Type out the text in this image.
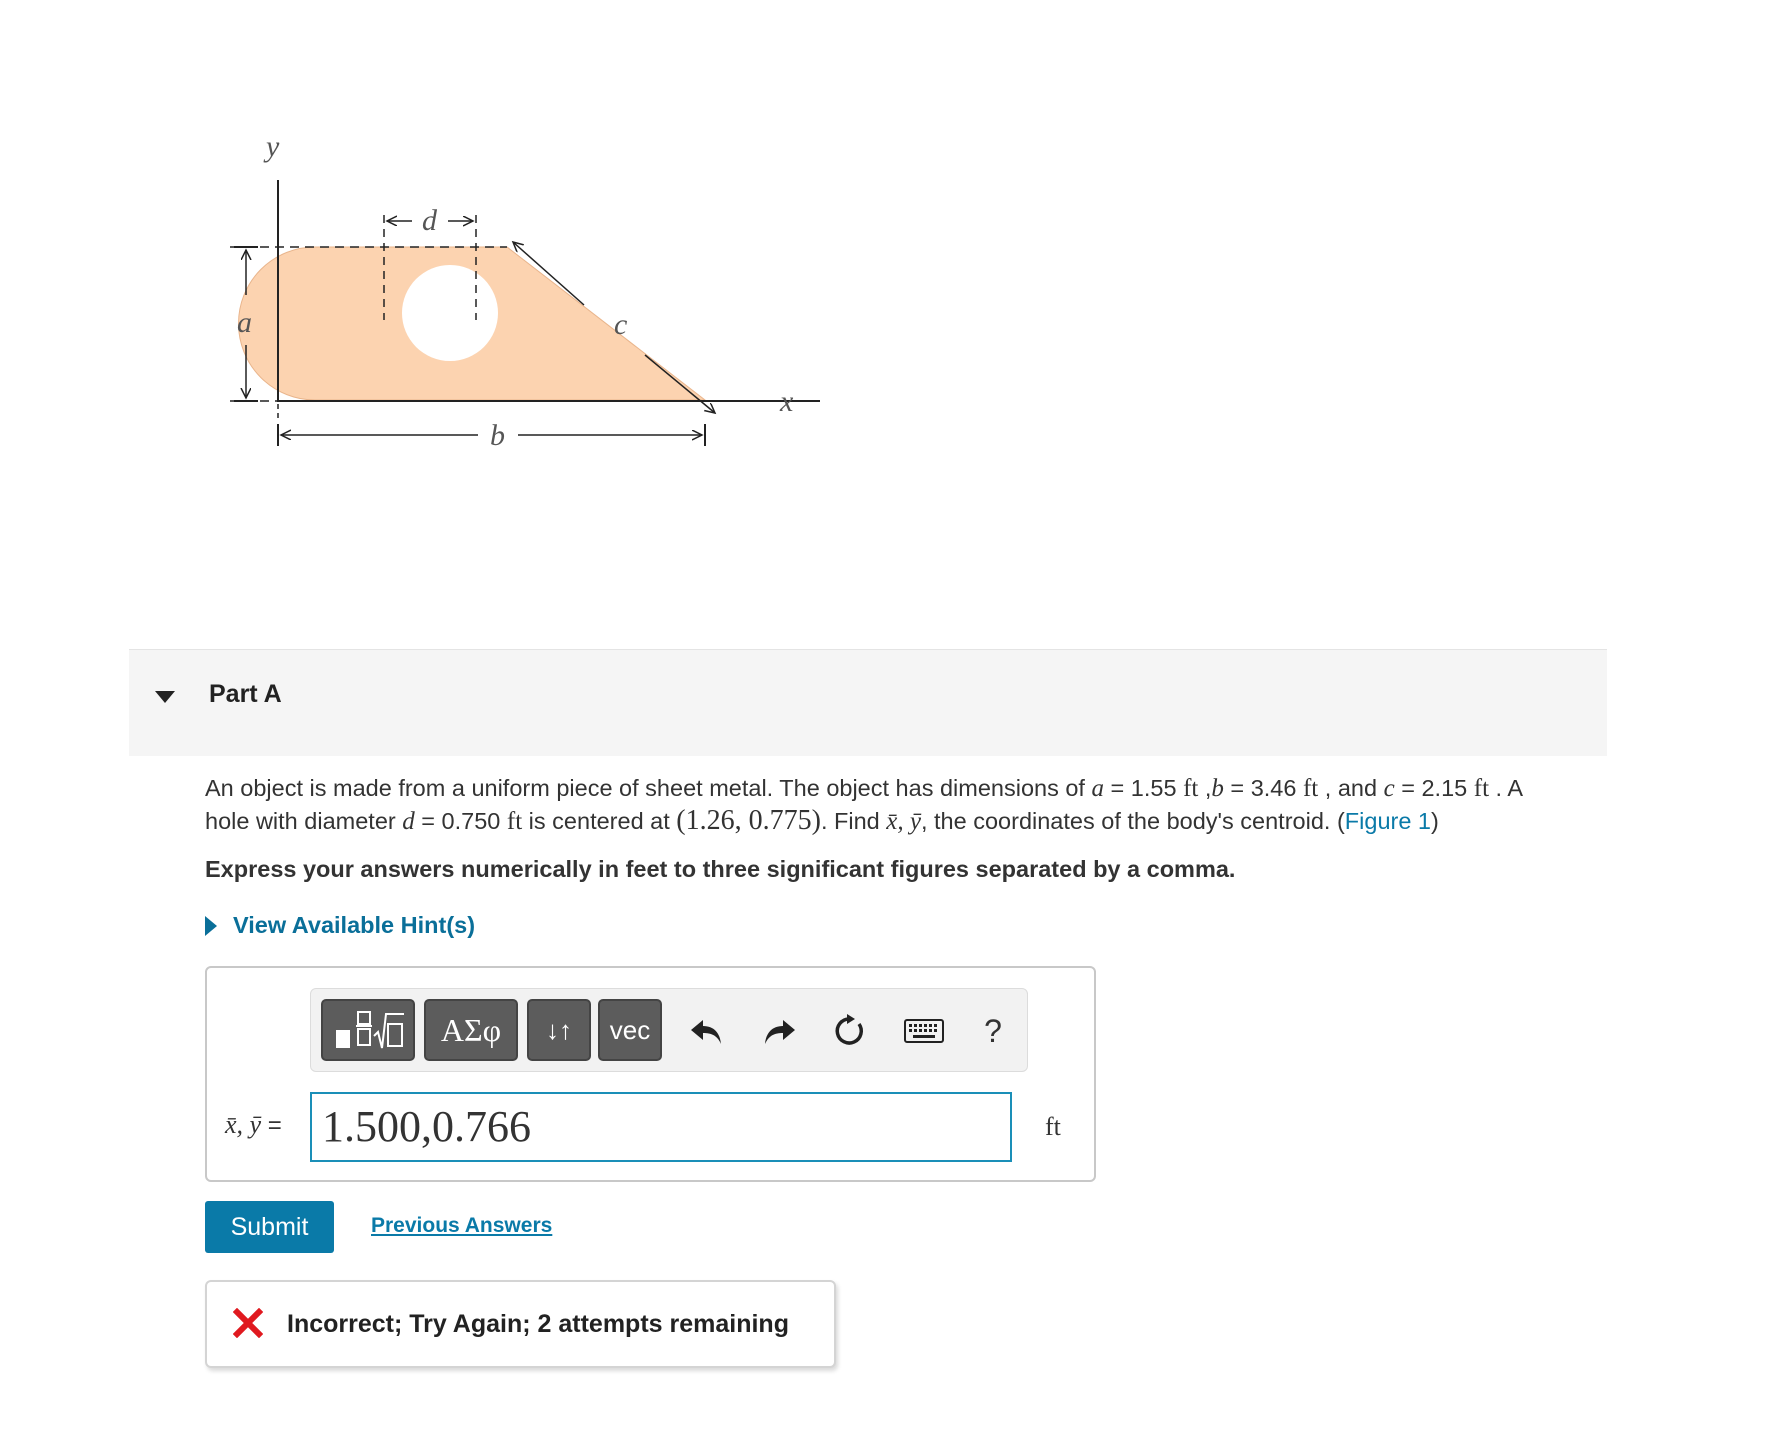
y
x
a
b
c
d
Part A
An object is made from a uniform piece of sheet metal. The object has dimensions of a = 1.55 ft ,b = 3.46 ft , and c = 2.15 ft . A
hole with diameter d = 0.750 ft is centered at (1.26, 0.775). Find x̄, ȳ, the coordinates of the body's centroid. (Figure 1)
Express your answers numerically in feet to three significant figures separated by a comma.
View Available Hint(s)
ΑΣφ	↓↑	vec	?
x̄, ȳ = 1.500,0.766	ft
Submit	Previous Answers
Incorrect; Try Again; 2 attempts remaining
